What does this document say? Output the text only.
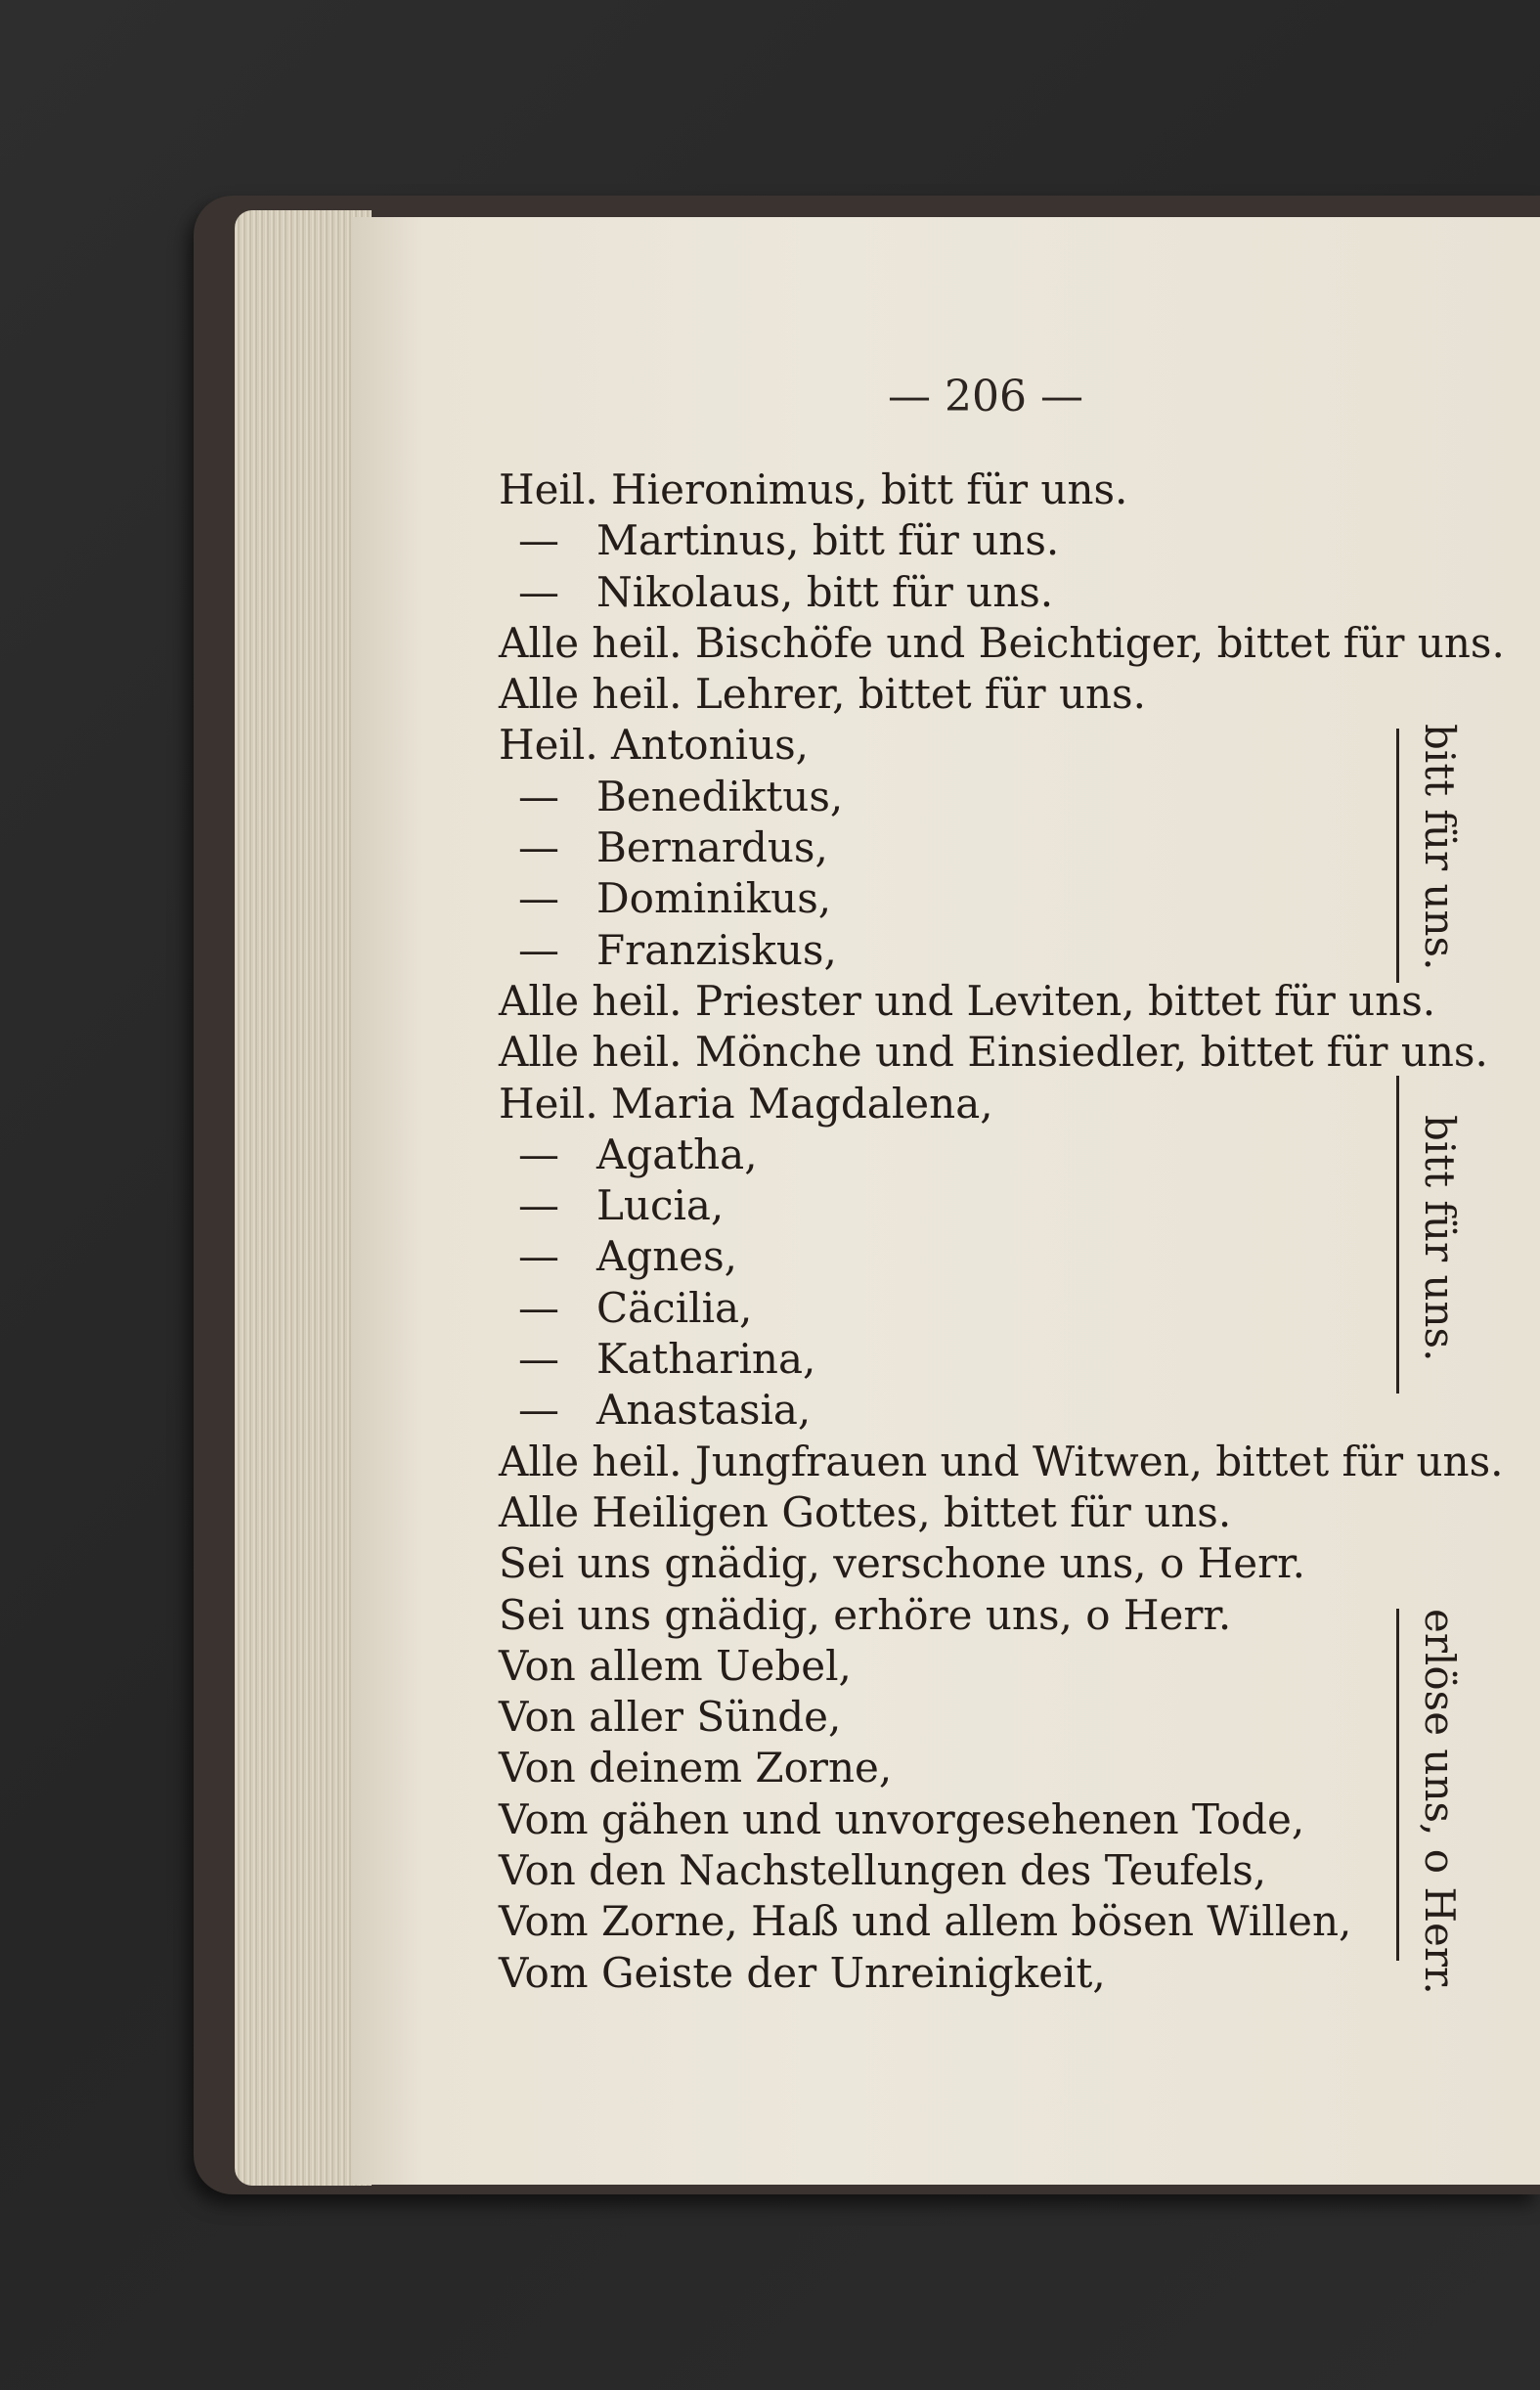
— 206 —
Heil. Hieronimus, bitt für uns.
— Martinus, bitt für uns.
— Nikolaus, bitt für uns.
Alle heil. Bischöfe und Beichtiger, bittet für uns.
Alle heil. Lehrer, bittet für uns.
Heil. Antonius,
— Benediktus,
— Bernardus,
— Dominikus,
— Franziskus,
Alle heil. Priester und Leviten, bittet für uns.
Alle heil. Mönche und Einsiedler, bittet für uns.
Heil. Maria Magdalena,
— Agatha,
— Lucia,
— Agnes,
— Cäcilia,
— Katharina,
— Anastasia,
Alle heil. Jungfrauen und Witwen, bittet für uns.
Alle Heiligen Gottes, bittet für uns.
Sei uns gnädig, verschone uns, o Herr.
Sei uns gnädig, erhöre uns, o Herr.
Von allem Uebel,
Von aller Sünde,
Von deinem Zorne,
Vom gähen und unvorgesehenen Tode,
Von den Nachstellungen des Teufels,
Vom Zorne, Haß und allem bösen Willen,
Vom Geiste der Unreinigkeit,
bitt für uns.
bitt für uns.
erlöse uns, o Herr.
